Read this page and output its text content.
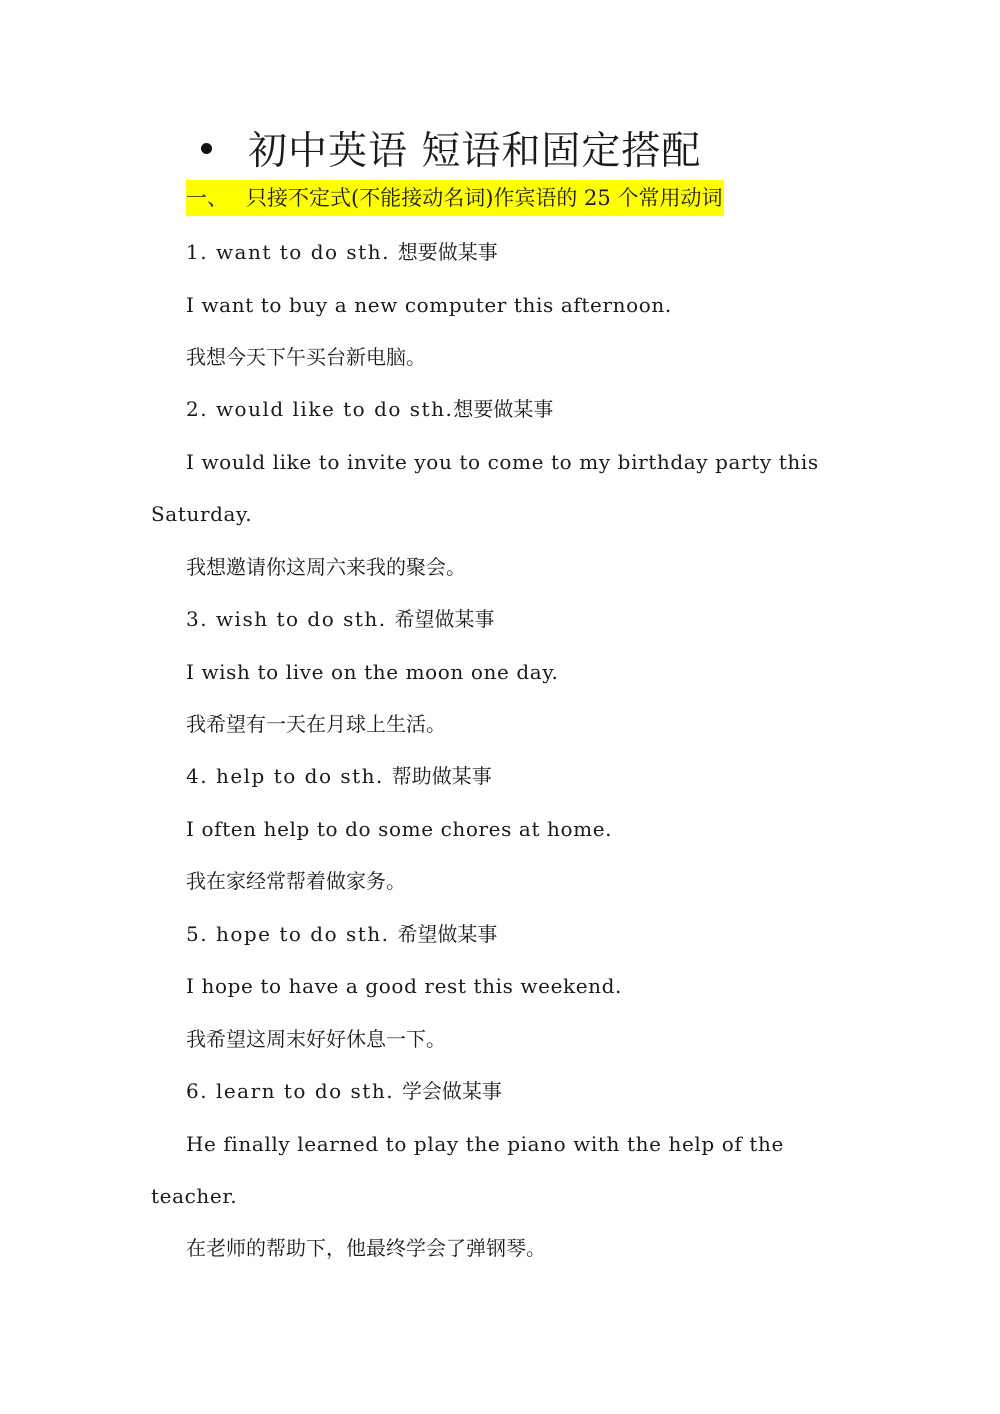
初中英语 短语和固定搭配
一、 只接不定式(不能接动名词)作宾语的 25 个常用动词
1. want to do sth. 想要做某事
I want to buy a new computer this afternoon.
我想今天下午买台新电脑。
2. would like to do sth.想要做某事
I would like to invite you to come to my birthday party this
Saturday.
我想邀请你这周六来我的聚会。
3. wish to do sth. 希望做某事
I wish to live on the moon one day.
我希望有一天在月球上生活。
4. help to do sth. 帮助做某事
I often help to do some chores at home.
我在家经常帮着做家务。
5. hope to do sth. 希望做某事
I hope to have a good rest this weekend.
我希望这周末好好休息一下。
6. learn to do sth. 学会做某事
He finally learned to play the piano with the help of the
teacher.
在老师的帮助下，他最终学会了弹钢琴。
